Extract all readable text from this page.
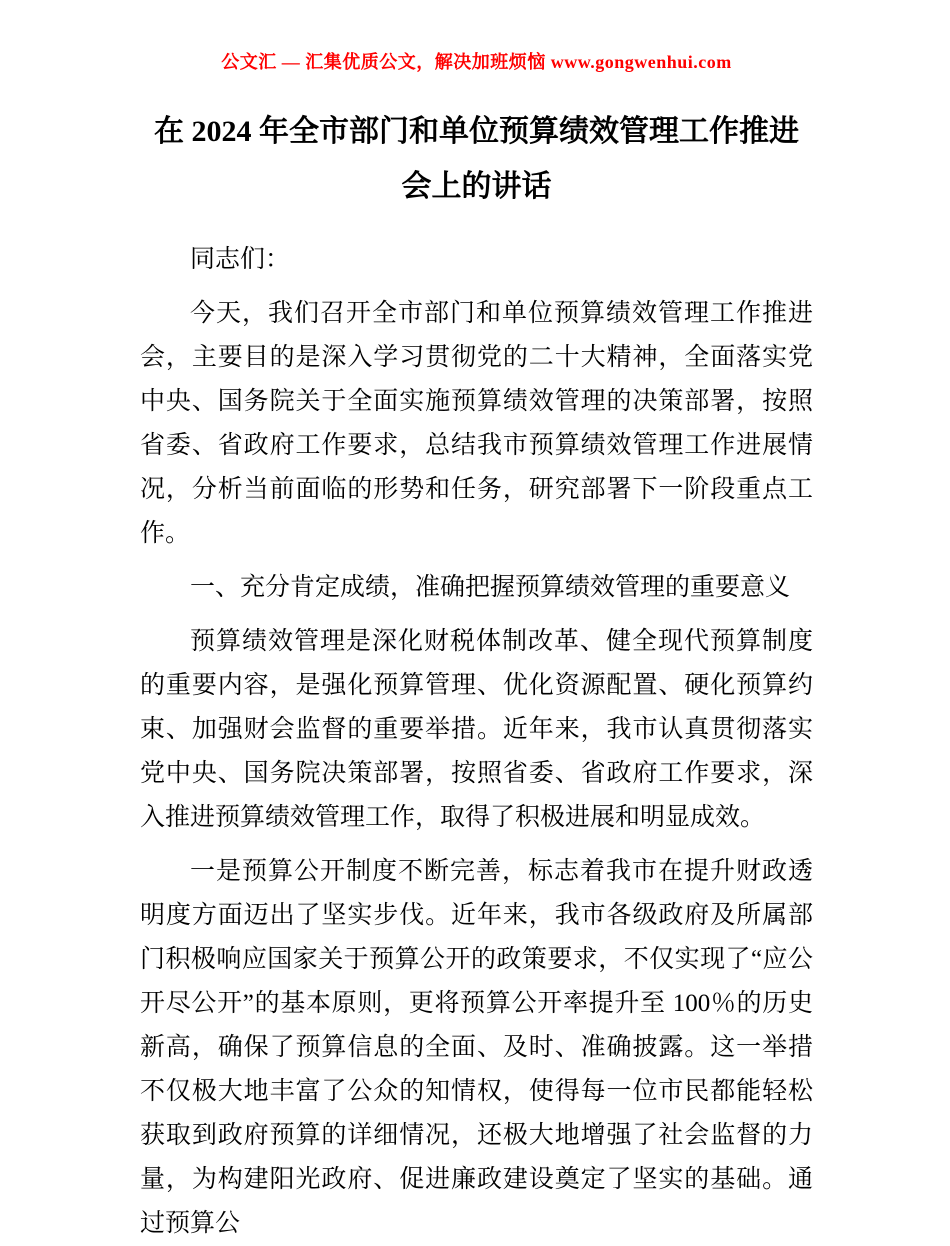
公文汇 — 汇集优质公文，解决加班烦恼 www.gongwenhui.com
在 2024 年全市部门和单位预算绩效管理工作推进会上的讲话

同志们：

今天，我们召开全市部门和单位预算绩效管理工作推进会，主要目的是深入学习贯彻党的二十大精神，全面落实党中央、国务院关于全面实施预算绩效管理的决策部署，按照省委、省政府工作要求，总结我市预算绩效管理工作进展情况，分析当前面临的形势和任务，研究部署下一阶段重点工作。

一、充分肯定成绩，准确把握预算绩效管理的重要意义

预算绩效管理是深化财税体制改革、健全现代预算制度的重要内容，是强化预算管理、优化资源配置、硬化预算约束、加强财会监督的重要举措。近年来，我市认真贯彻落实党中央、国务院决策部署，按照省委、省政府工作要求，深入推进预算绩效管理工作，取得了积极进展和明显成效。

一是预算公开制度不断完善，标志着我市在提升财政透明度方面迈出了坚实步伐。近年来，我市各级政府及所属部门积极响应国家关于预算公开的政策要求，不仅实现了“应公开尽公开”的基本原则，更将预算公开率提升至 100％的历史新高，确保了预算信息的全面、及时、准确披露。这一举措不仅极大地丰富了公众的知情权，使得每一位市民都能轻松获取到政府预算的详细情况，还极大地增强了社会监督的力量，为构建阳光政府、促进廉政建设奠定了坚实的基础。通过预算公
